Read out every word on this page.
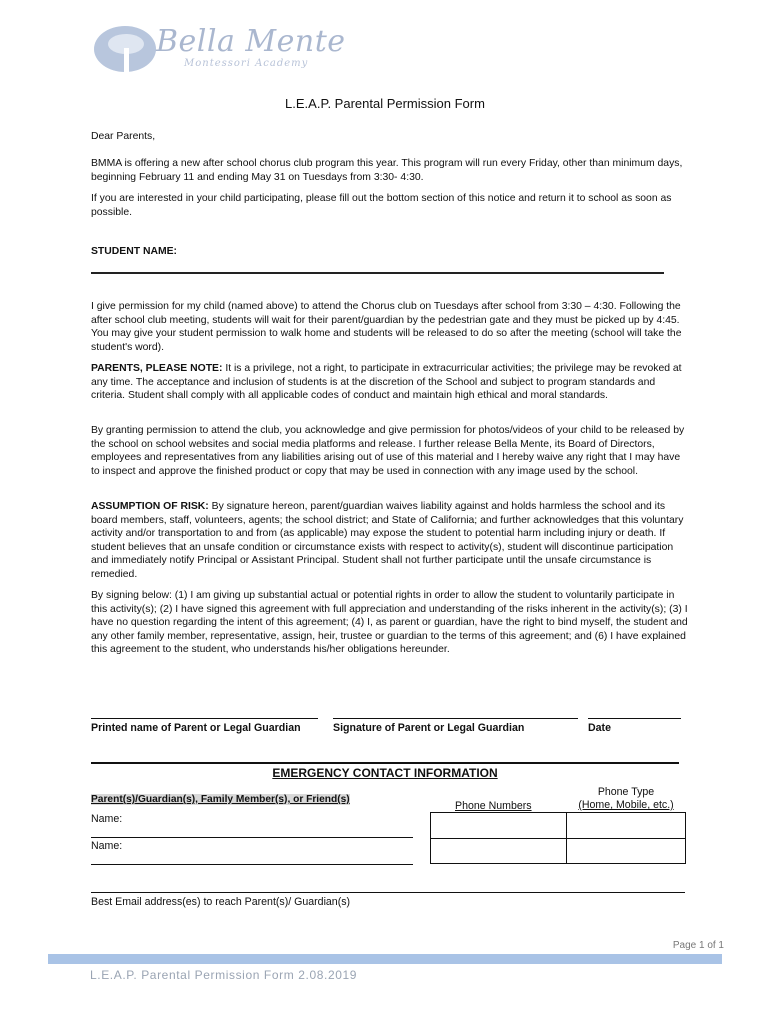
Bella Mente
Montessori Academy
L.E.A.P. Parental Permission Form
Dear Parents,
BMMA is offering a new after school chorus club program this year. This program will run every Friday, other than minimum days, beginning February 11 and ending May 31 on Tuesdays from 3:30- 4:30.
If you are interested in your child participating, please fill out the bottom section of this notice and return it to school as soon as possible.
STUDENT NAME:
I give permission for my child (named above) to attend the Chorus club on Tuesdays after school from 3:30 – 4:30. Following the after school club meeting, students will wait for their parent/guardian by the pedestrian gate and they must be picked up by 4:45. You may give your student permission to walk home and students will be released to do so after the meeting (school will take the student's word).
PARENTS, PLEASE NOTE: It is a privilege, not a right, to participate in extracurricular activities; the privilege may be revoked at any time. The acceptance and inclusion of students is at the discretion of the School and subject to program standards and criteria. Student shall comply with all applicable codes of conduct and maintain high ethical and moral standards.
By granting permission to attend the club, you acknowledge and give permission for photos/videos of your child to be released by the school on school websites and social media platforms and release. I further release Bella Mente, its Board of Directors, employees and representatives from any liabilities arising out of use of this material and I hereby waive any right that I may have to inspect and approve the finished product or copy that may be used in connection with any image used by the school.
ASSUMPTION OF RISK: By signature hereon, parent/guardian waives liability against and holds harmless the school and its board members, staff, volunteers, agents; the school district; and State of California; and further acknowledges that this voluntary activity and/or transportation to and from (as applicable) may expose the student to potential harm including injury or death. If student believes that an unsafe condition or circumstance exists with respect to activity(s), student will discontinue participation and immediately notify Principal or Assistant Principal. Student shall not further participate until the unsafe circumstance is remedied.
By signing below: (1) I am giving up substantial actual or potential rights in order to allow the student to voluntarily participate in this activity(s); (2) I have signed this agreement with full appreciation and understanding of the risks inherent in the activity(s); (3) I have no question regarding the intent of this agreement; (4) I, as parent or guardian, have the right to bind myself, the student and any other family member, representative, assign, heir, trustee or guardian to the terms of this agreement; and (6) I have explained this agreement to the student, who understands his/her obligations hereunder.
Printed name of Parent or Legal Guardian	Signature of Parent or Legal Guardian	Date
EMERGENCY CONTACT INFORMATION
Parent(s)/Guardian(s), Family Member(s), or Friend(s)
Phone Numbers
Phone Type
(Home, Mobile, etc.)
Name:
Name:
Best Email address(es) to reach Parent(s)/ Guardian(s)
Page 1 of 1
L.E.A.P. Parental Permission Form 2.08.2019
